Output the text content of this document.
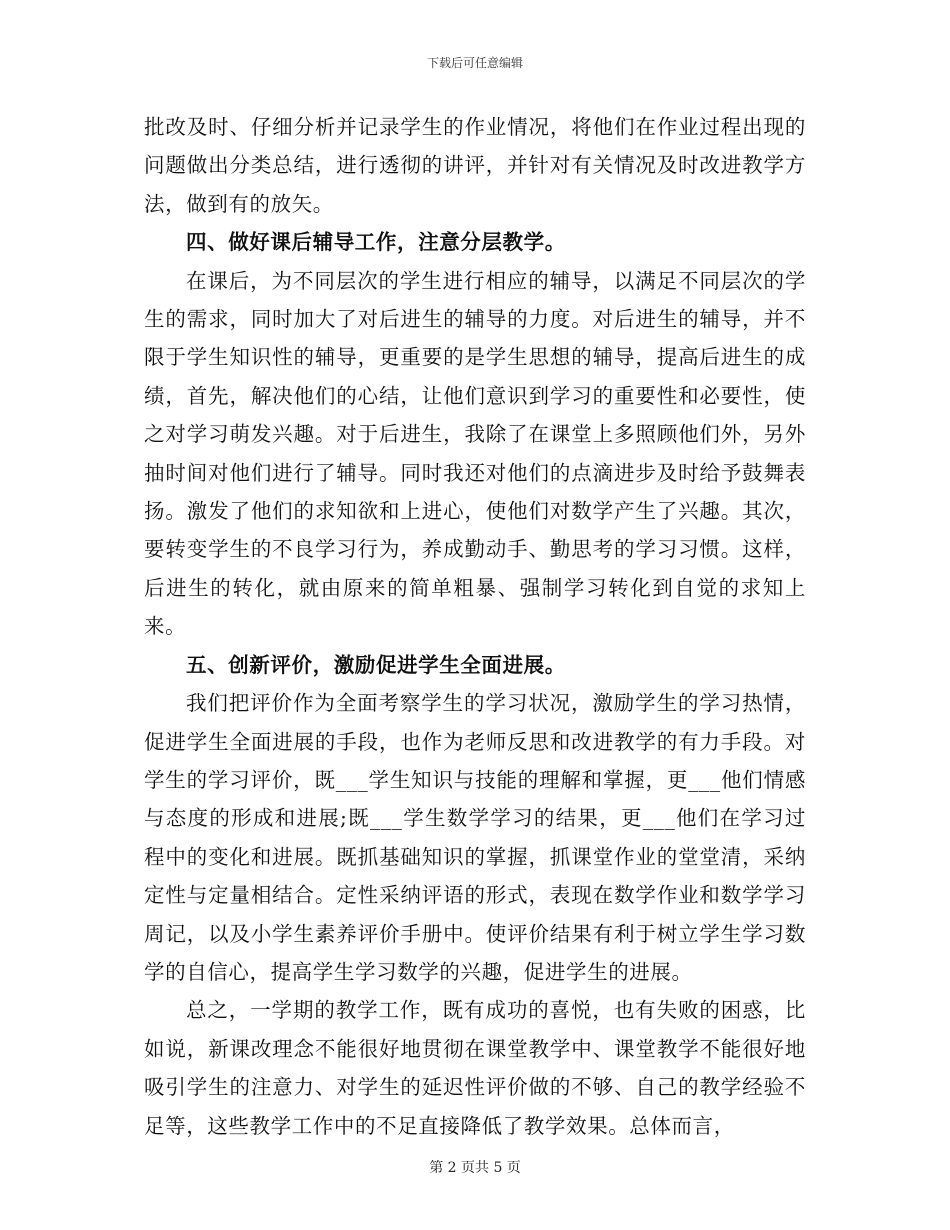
下载后可任意编辑

批改及时、仔细分析并记录学生的作业情况，将他们在作业过程出现的问题做出分类总结，进行透彻的讲评，并针对有关情况及时改进教学方法，做到有的放矢。

四、做好课后辅导工作，注意分层教学。

在课后，为不同层次的学生进行相应的辅导，以满足不同层次的学生的需求，同时加大了对后进生的辅导的力度。对后进生的辅导，并不限于学生知识性的辅导，更重要的是学生思想的辅导，提高后进生的成绩，首先，解决他们的心结，让他们意识到学习的重要性和必要性，使之对学习萌发兴趣。对于后进生，我除了在课堂上多照顾他们外，另外抽时间对他们进行了辅导。同时我还对他们的点滴进步及时给予鼓舞表扬。激发了他们的求知欲和上进心，使他们对数学产生了兴趣。其次，要转变学生的不良学习行为，养成勤动手、勤思考的学习习惯。这样，后进生的转化，就由原来的简单粗暴、强制学习转化到自觉的求知上来。

五、创新评价，激励促进学生全面进展。

我们把评价作为全面考察学生的学习状况，激励学生的学习热情，促进学生全面进展的手段，也作为老师反思和改进教学的有力手段。对学生的学习评价，既___学生知识与技能的理解和掌握，更___他们情感与态度的形成和进展;既___学生数学学习的结果，更___他们在学习过程中的变化和进展。既抓基础知识的掌握，抓课堂作业的堂堂清，采纳定性与定量相结合。定性采纳评语的形式，表现在数学作业和数学学习周记，以及小学生素养评价手册中。使评价结果有利于树立学生学习数学的自信心，提高学生学习数学的兴趣，促进学生的进展。

总之，一学期的教学工作，既有成功的喜悦，也有失败的困惑，比如说，新课改理念不能很好地贯彻在课堂教学中、课堂教学不能很好地吸引学生的注意力、对学生的延迟性评价做的不够、自己的教学经验不足等，这些教学工作中的不足直接降低了教学效果。总体而言，

第 2 页共 5 页
